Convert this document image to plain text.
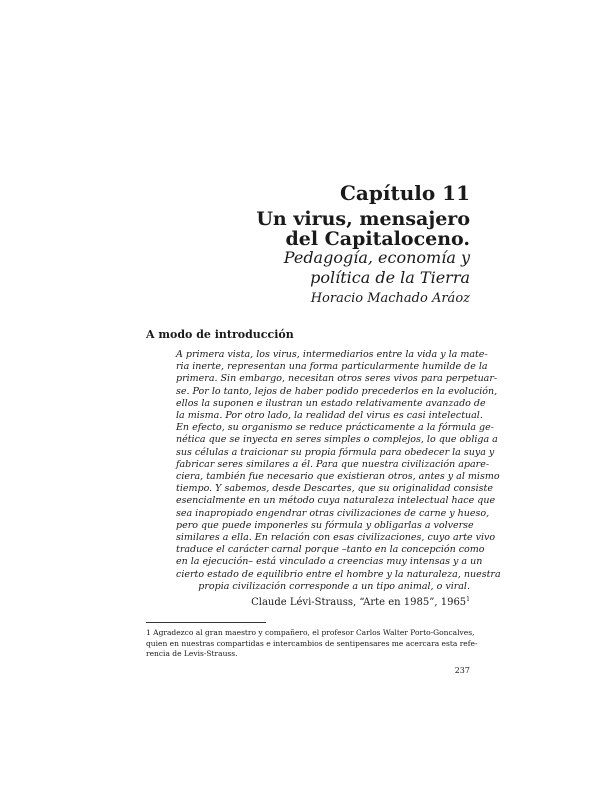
Capítulo 11
Un virus, mensajero
del Capitaloceno.
Pedagogía, economía y
política de la Tierra
Horacio Machado Aráoz
A modo de introducción
A primera vista, los virus, intermediarios entre la vida y la mate-
ria inerte, representan una forma particularmente humilde de la
primera. Sin embargo, necesitan otros seres vivos para perpetuar-
se. Por lo tanto, lejos de haber podido precederlos en la evolución,
ellos la suponen e ilustran un estado relativamente avanzado de
la misma. Por otro lado, la realidad del virus es casi intelectual.
En efecto, su organismo se reduce prácticamente a la fórmula ge-
nética que se inyecta en seres simples o complejos, lo que obliga a
sus células a traicionar su propia fórmula para obedecer la suya y
fabricar seres similares a él. Para que nuestra civilización apare-
ciera, también fue necesario que existieran otros, antes y al mismo
tiempo. Y sabemos, desde Descartes, que su originalidad consiste
esencialmente en un método cuya naturaleza intelectual hace que
sea inapropiado engendrar otras civilizaciones de carne y hueso,
pero que puede imponerles su fórmula y obligarlas a volverse
similares a ella. En relación con esas civilizaciones, cuyo arte vivo
traduce el carácter carnal porque –tanto en la concepción como
en la ejecución– está vinculado a creencias muy intensas y a un
cierto estado de equilibrio entre el hombre y la naturaleza, nuestra
propia civilización corresponde a un tipo animal, o viral.
Claude Lévi-Strauss, “Arte en 1985”, 1965$^1$
1 Agradezco al gran maestro y compañero, el profesor Carlos Walter Porto-Goncalves,
quien en nuestras compartidas e intercambios de sentipensares me acercara esta refe-
rencia de Levis-Strauss.
237
